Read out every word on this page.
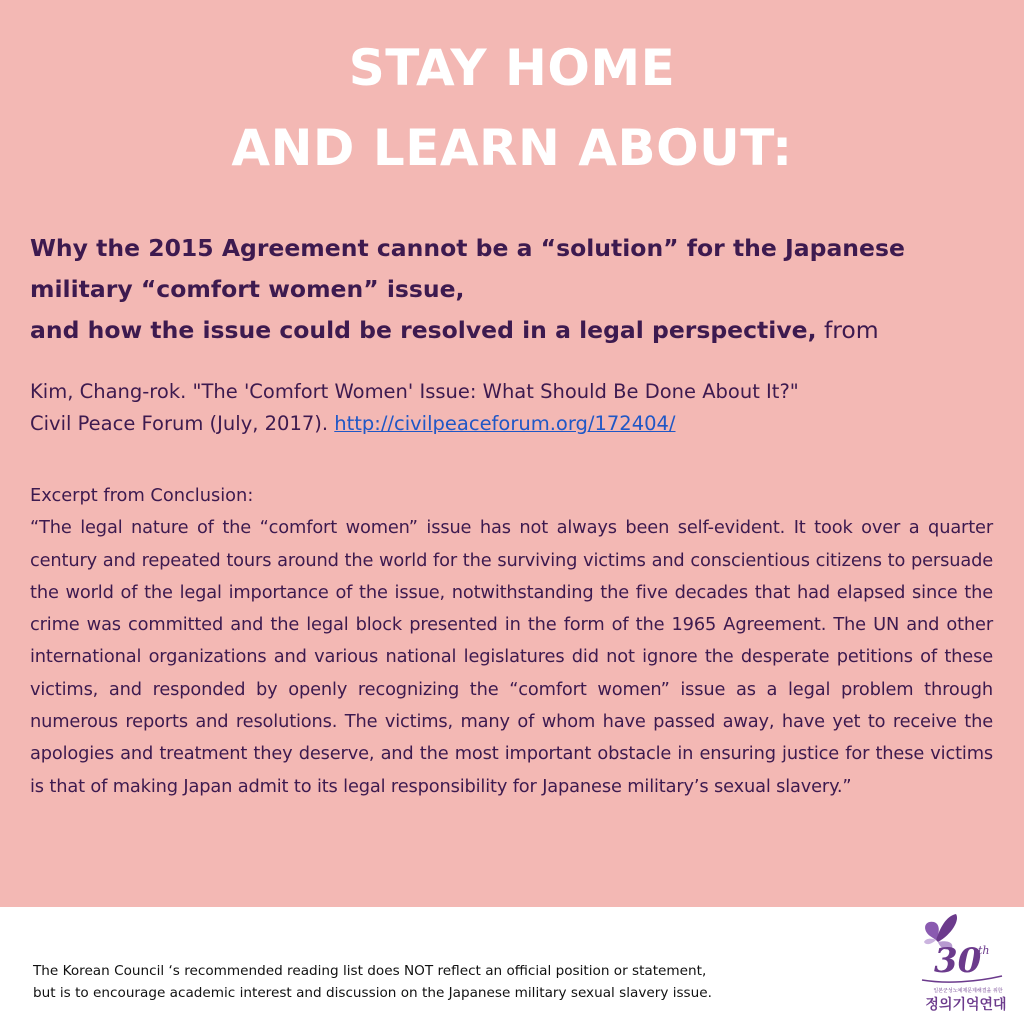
STAY HOME
AND LEARN ABOUT:
Why the 2015 Agreement cannot be a “solution” for the Japanese
military “comfort women” issue,
and how the issue could be resolved in a legal perspective, from
Kim, Chang-rok. "The 'Comfort Women' Issue: What Should Be Done About It?"
Civil Peace Forum (July, 2017). http://civilpeaceforum.org/172404/
Excerpt from Conclusion:
“The legal nature of the “comfort women” issue has not always been self-evident. It took over a quarter century and repeated tours around the world for the surviving victims and conscientious citizens to persuade the world of the legal importance of the issue, notwithstanding the five decades that had elapsed since the crime was committed and the legal block presented in the form of the 1965 Agreement. The UN and other international organizations and various national legislatures did not ignore the desperate petitions of these victims, and responded by openly recognizing the “comfort women” issue as a legal problem through numerous reports and resolutions. The victims, many of whom have passed away, have yet to receive the apologies and treatment they deserve, and the most important obstacle in ensuring justice for these victims is that of making Japan admit to its legal responsibility for Japanese military’s sexual slavery.”
The Korean Council ‘s recommended reading list does NOT reflect an official position or statement,
but is to encourage academic interest and discussion on the Japanese military sexual slavery issue.
30
th
일본군성노예제문제해결을 위한
정의기억연대
